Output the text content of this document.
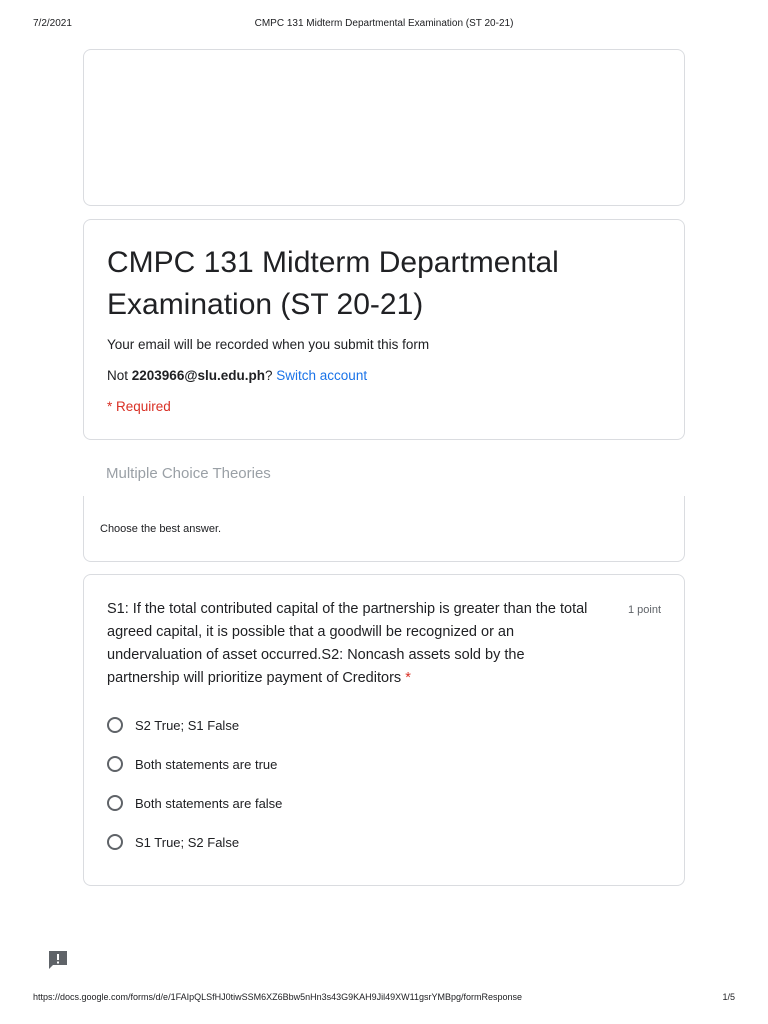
7/2/2021	CMPC 131 Midterm Departmental Examination (ST 20-21)
CMPC 131 Midterm Departmental Examination (ST 20-21)
Your email will be recorded when you submit this form
Not 2203966@slu.edu.ph? Switch account
* Required
Multiple Choice Theories
Choose the best answer.
S1: If the total contributed capital of the partnership is greater than the total agreed capital, it is possible that a goodwill be recognized or an undervaluation of asset occurred.S2: Noncash assets sold by the partnership will prioritize payment of Creditors *
1 point
S2 True; S1 False
Both statements are true
Both statements are false
S1 True; S2 False
https://docs.google.com/forms/d/e/1FAIpQLSfHJ0tiwSSM6XZ6Bbw5nHn3s43G9KAH9Jil49XW11gsrYMBpg/formResponse	1/5
